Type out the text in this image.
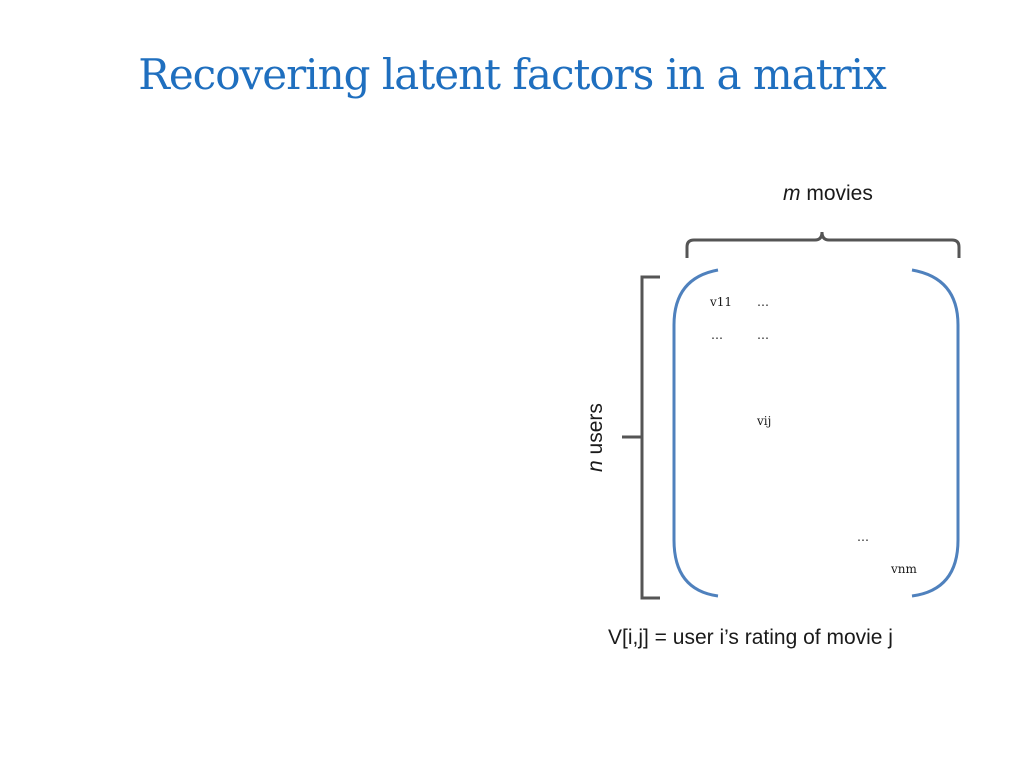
Recovering latent factors in a matrix
m movies
n users
v11 …
…	…
vij
…
vnm
V[i,j] = user i’s rating of movie j
